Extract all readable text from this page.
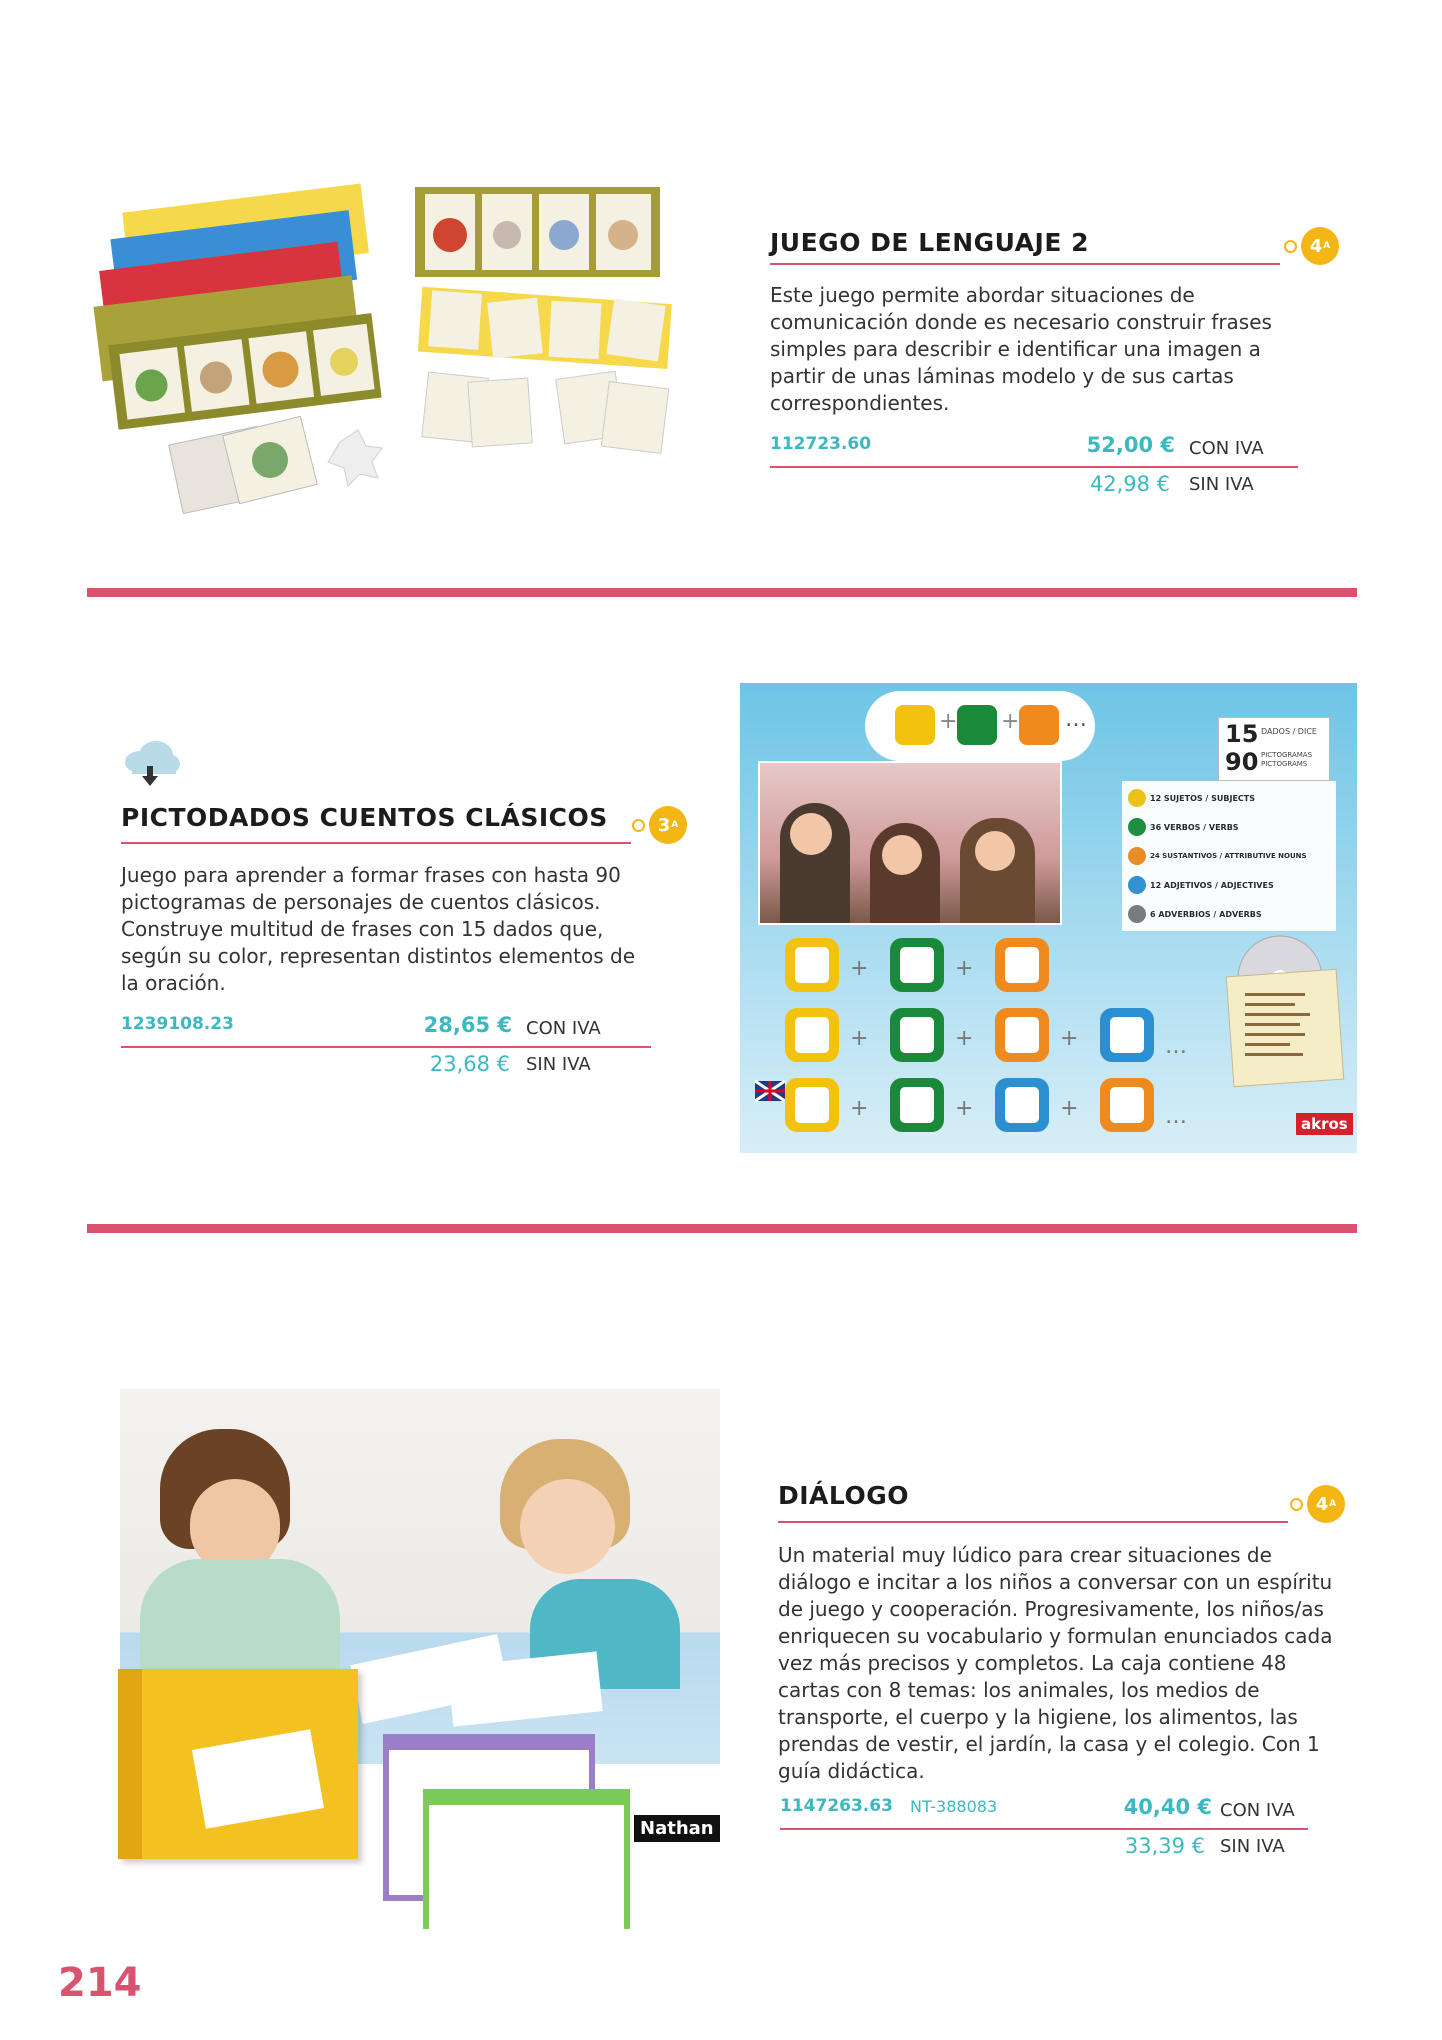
JUEGO DE LENGUAJE 2	4 A
Este juego permite abordar situaciones de comunicación donde es necesario construir frases simples para describir e identificar una imagen a partir de unas láminas modelo y de sus cartas correspondientes.
112723.60	52,00 € CON IVA
42,98 € SIN IVA
PICTODADOS CUENTOS CLÁSICOS	3 A
Juego para aprender a formar frases con hasta 90 pictogramas de personajes de cuentos clásicos. Construye multitud de frases con 15 dados que, según su color, representan distintos elementos de la oración.
1239108.23	28,65 € CON IVA
23,68 € SIN IVA
+ + …
15 DADOS / DICE
90 PICTOGRAMAS PICTOGRAMS
12 SUJETOS / SUBJECTS
36 VERBOS / VERBS
24 SUSTANTIVOS / ATTRIBUTIVE NOUNS
12 ADJETIVOS / ADJECTIVES
6 ADVERBIOS / ADVERBS
+	+
+	+	+	…
+	+	+	…	akros
Nathan
DIÁLOGO	4 A
Un material muy lúdico para crear situaciones de diálogo e incitar a los niños a conversar con un espíritu de juego y cooperación. Progresivamente, los niños/as enriquecen su vocabulario y formulan enunciados cada vez más precisos y completos. La caja contiene 48 cartas con 8 temas: los animales, los medios de transporte, el cuerpo y la higiene, los alimentos, las prendas de vestir, el jardín, la casa y el colegio. Con 1 guía didáctica.
1147263.63 NT-388083	40,40 € CON IVA
33,39 € SIN IVA
214
